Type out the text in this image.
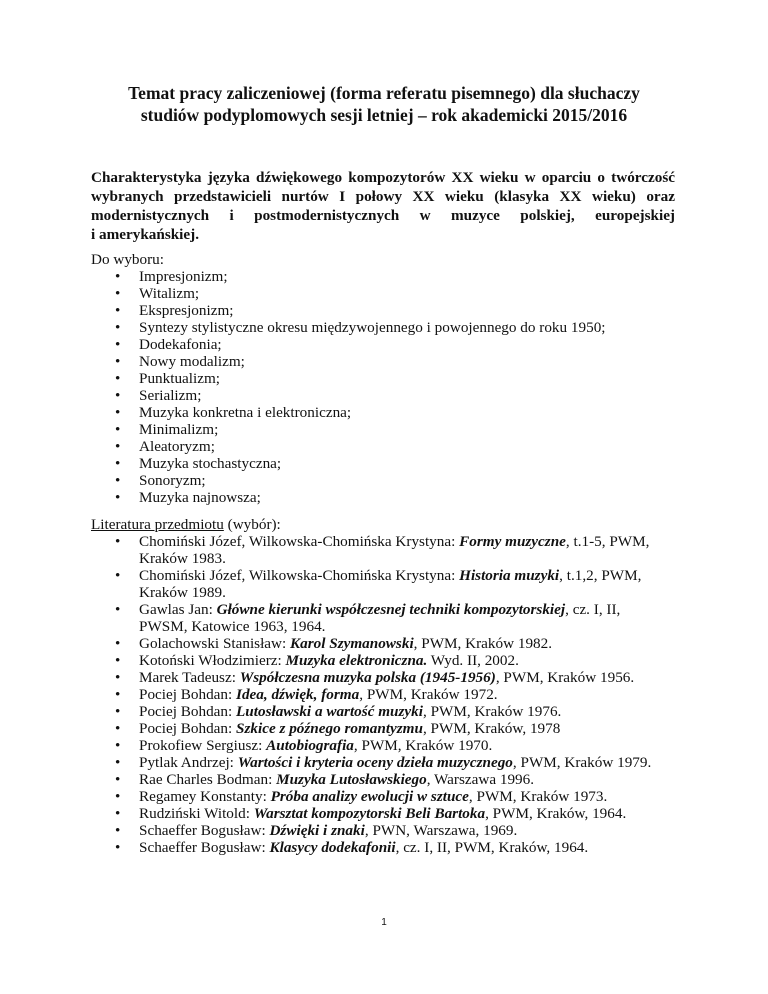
Temat pracy zaliczeniowej (forma referatu pisemnego) dla słuchaczy
studiów podyplomowych sesji letniej – rok akademicki 2015/2016
Charakterystyka języka dźwiękowego kompozytorów XX wieku w oparciu o twórczość
wybranych przedstawicieli nurtów I połowy XX wieku (klasyka XX wieku) oraz
modernistycznych i postmodernistycznych w muzyce polskiej, europejskiej
i amerykańskiej.
Do wyboru:
• Impresjonizm;
• Witalizm;
• Ekspresjonizm;
• Syntezy stylistyczne okresu międzywojennego i powojennego do roku 1950;
• Dodekafonia;
• Nowy modalizm;
• Punktualizm;
• Serializm;
• Muzyka konkretna i elektroniczna;
• Minimalizm;
• Aleatoryzm;
• Muzyka stochastyczna;
• Sonoryzm;
• Muzyka najnowsza;
Literatura przedmiotu (wybór):
• Chomiński Józef, Wilkowska-Chomińska Krystyna: Formy muzyczne, t.1-5, PWM,
Kraków 1983.
• Chomiński Józef, Wilkowska-Chomińska Krystyna: Historia muzyki, t.1,2, PWM,
Kraków 1989.
• Gawlas Jan: Główne kierunki współczesnej techniki kompozytorskiej, cz. I, II,
PWSM, Katowice 1963, 1964.
• Golachowski Stanisław: Karol Szymanowski, PWM, Kraków 1982.
• Kotoński Włodzimierz: Muzyka elektroniczna. Wyd. II, 2002.
• Marek Tadeusz: Współczesna muzyka polska (1945-1956), PWM, Kraków 1956.
• Pociej Bohdan: Idea, dźwięk, forma, PWM, Kraków 1972.
• Pociej Bohdan: Lutosławski a wartość muzyki, PWM, Kraków 1976.
• Pociej Bohdan: Szkice z późnego romantyzmu, PWM, Kraków, 1978
• Prokofiew Sergiusz: Autobiografia, PWM, Kraków 1970.
• Pytlak Andrzej: Wartości i kryteria oceny dzieła muzycznego, PWM, Kraków 1979.
• Rae Charles Bodman: Muzyka Lutosławskiego, Warszawa 1996.
• Regamey Konstanty: Próba analizy ewolucji w sztuce, PWM, Kraków 1973.
• Rudziński Witold: Warsztat kompozytorski Beli Bartoka, PWM, Kraków, 1964.
• Schaeffer Bogusław: Dźwięki i znaki, PWN, Warszawa, 1969.
• Schaeffer Bogusław: Klasycy dodekafonii, cz. I, II, PWM, Kraków, 1964.
1
